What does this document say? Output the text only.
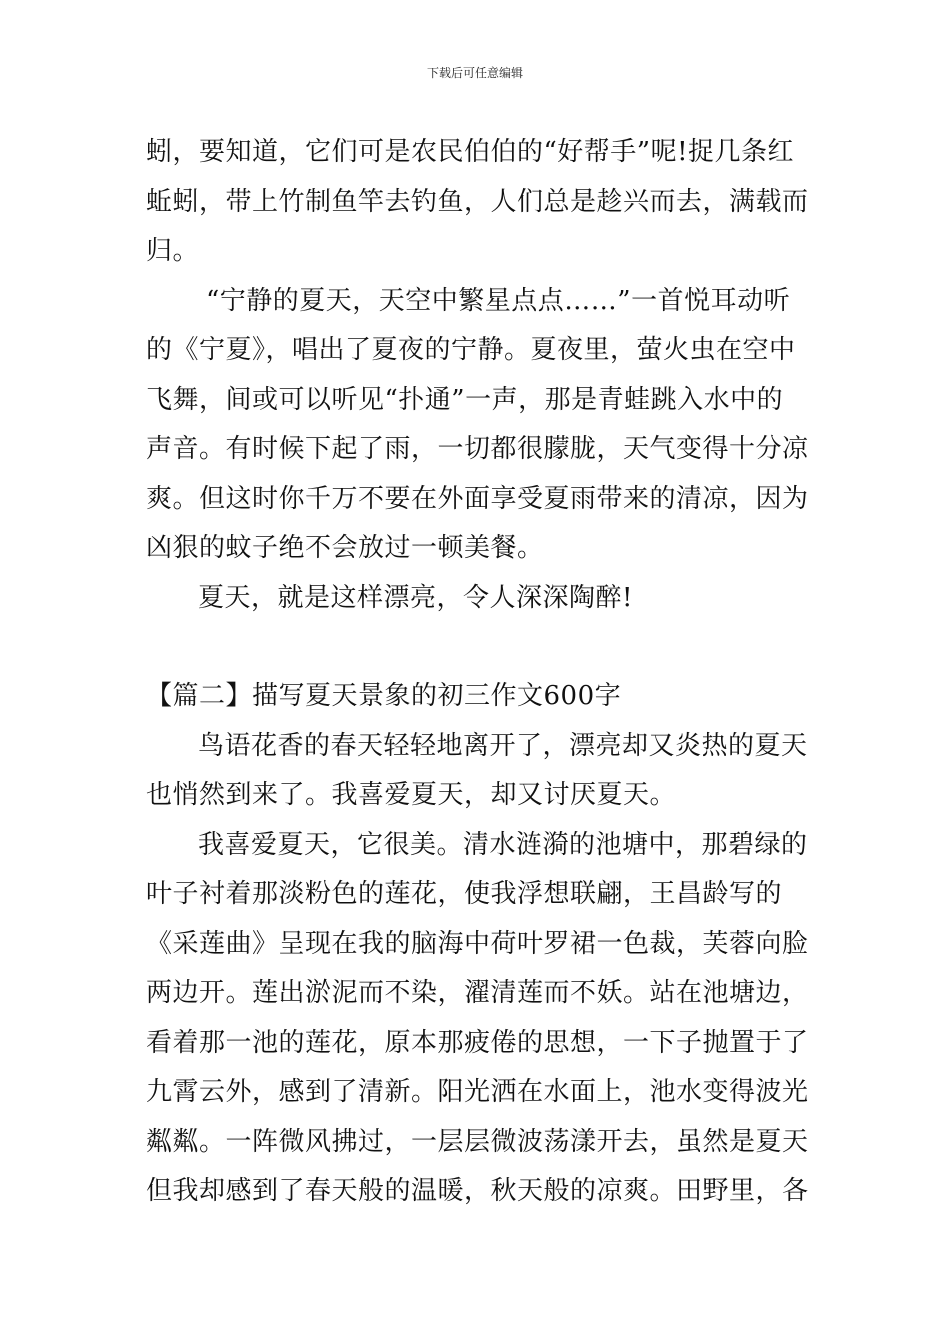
下载后可任意编辑
蚓，要知道，它们可是农民伯伯的“好帮手”呢!捉几条红
蚯蚓，带上竹制鱼竿去钓鱼，人们总是趁兴而去，满载而
归。
“宁静的夏天，天空中繁星点点……”一首悦耳动听
的《宁夏》，唱出了夏夜的宁静。夏夜里，萤火虫在空中
飞舞，间或可以听见“扑通”一声，那是青蛙跳入水中的
声音。有时候下起了雨，一切都很朦胧，天气变得十分凉
爽。但这时你千万不要在外面享受夏雨带来的清凉，因为
凶狠的蚊子绝不会放过一顿美餐。
夏天，就是这样漂亮，令人深深陶醉!
【篇二】描写夏天景象的初三作文600字
鸟语花香的春天轻轻地离开了，漂亮却又炎热的夏天
也悄然到来了。我喜爱夏天，却又讨厌夏天。
我喜爱夏天，它很美。清水涟漪的池塘中，那碧绿的
叶子衬着那淡粉色的莲花，使我浮想联翩，王昌龄写的
《采莲曲》呈现在我的脑海中荷叶罗裙一色裁，芙蓉向脸
两边开。莲出淤泥而不染，濯清莲而不妖。站在池塘边，
看着那一池的莲花，原本那疲倦的思想，一下子抛置于了
九霄云外，感到了清新。阳光洒在水面上，池水变得波光
粼粼。一阵微风拂过，一层层微波荡漾开去，虽然是夏天
但我却感到了春天般的温暖，秋天般的凉爽。田野里，各
